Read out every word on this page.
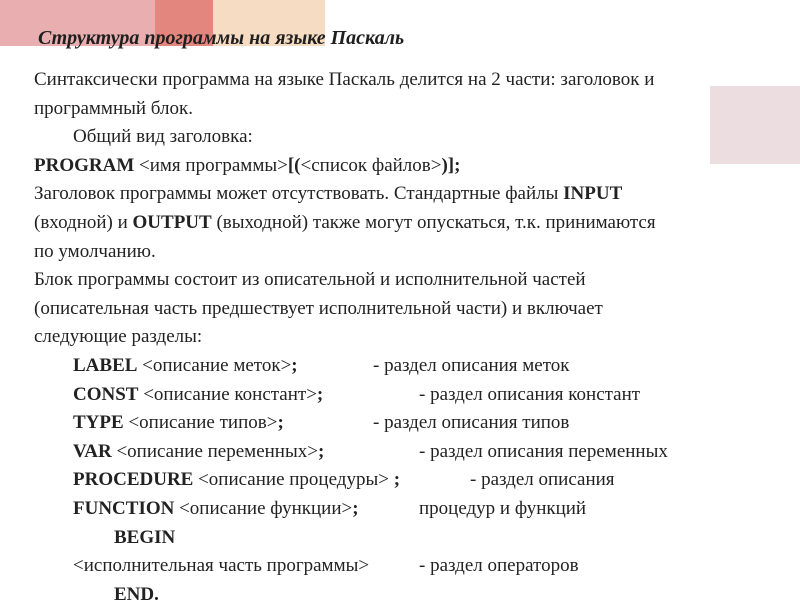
Структура программы на языке Паскаль
Синтаксически программа на языке Паскаль делится на 2 части: заголовок и
программный блок.
Общий вид заголовка:
PROGRAM <имя программы>[(<список файлов>)];
Заголовок программы может отсутствовать. Стандартные файлы INPUT
(входной) и OUTPUT (выходной) также могут опускаться, т.к. принимаются
по умолчанию.
Блок программы состоит из описательной и исполнительной частей
(описательная часть предшествует исполнительной части) и включает
следующие разделы:
LABEL <описание меток>;	- раздел описания меток
CONST <описание констант>;	- раздел описания констант
TYPE <описание типов>;	- раздел описания типов
VAR <описание переменных>;	- раздел описания переменных
PROCEDURE <описание процедуры> ;	- раздел описания
FUNCTION <описание функции>;	процедур и функций
BEGIN
<исполнительная часть программы>	- раздел операторов
END.
